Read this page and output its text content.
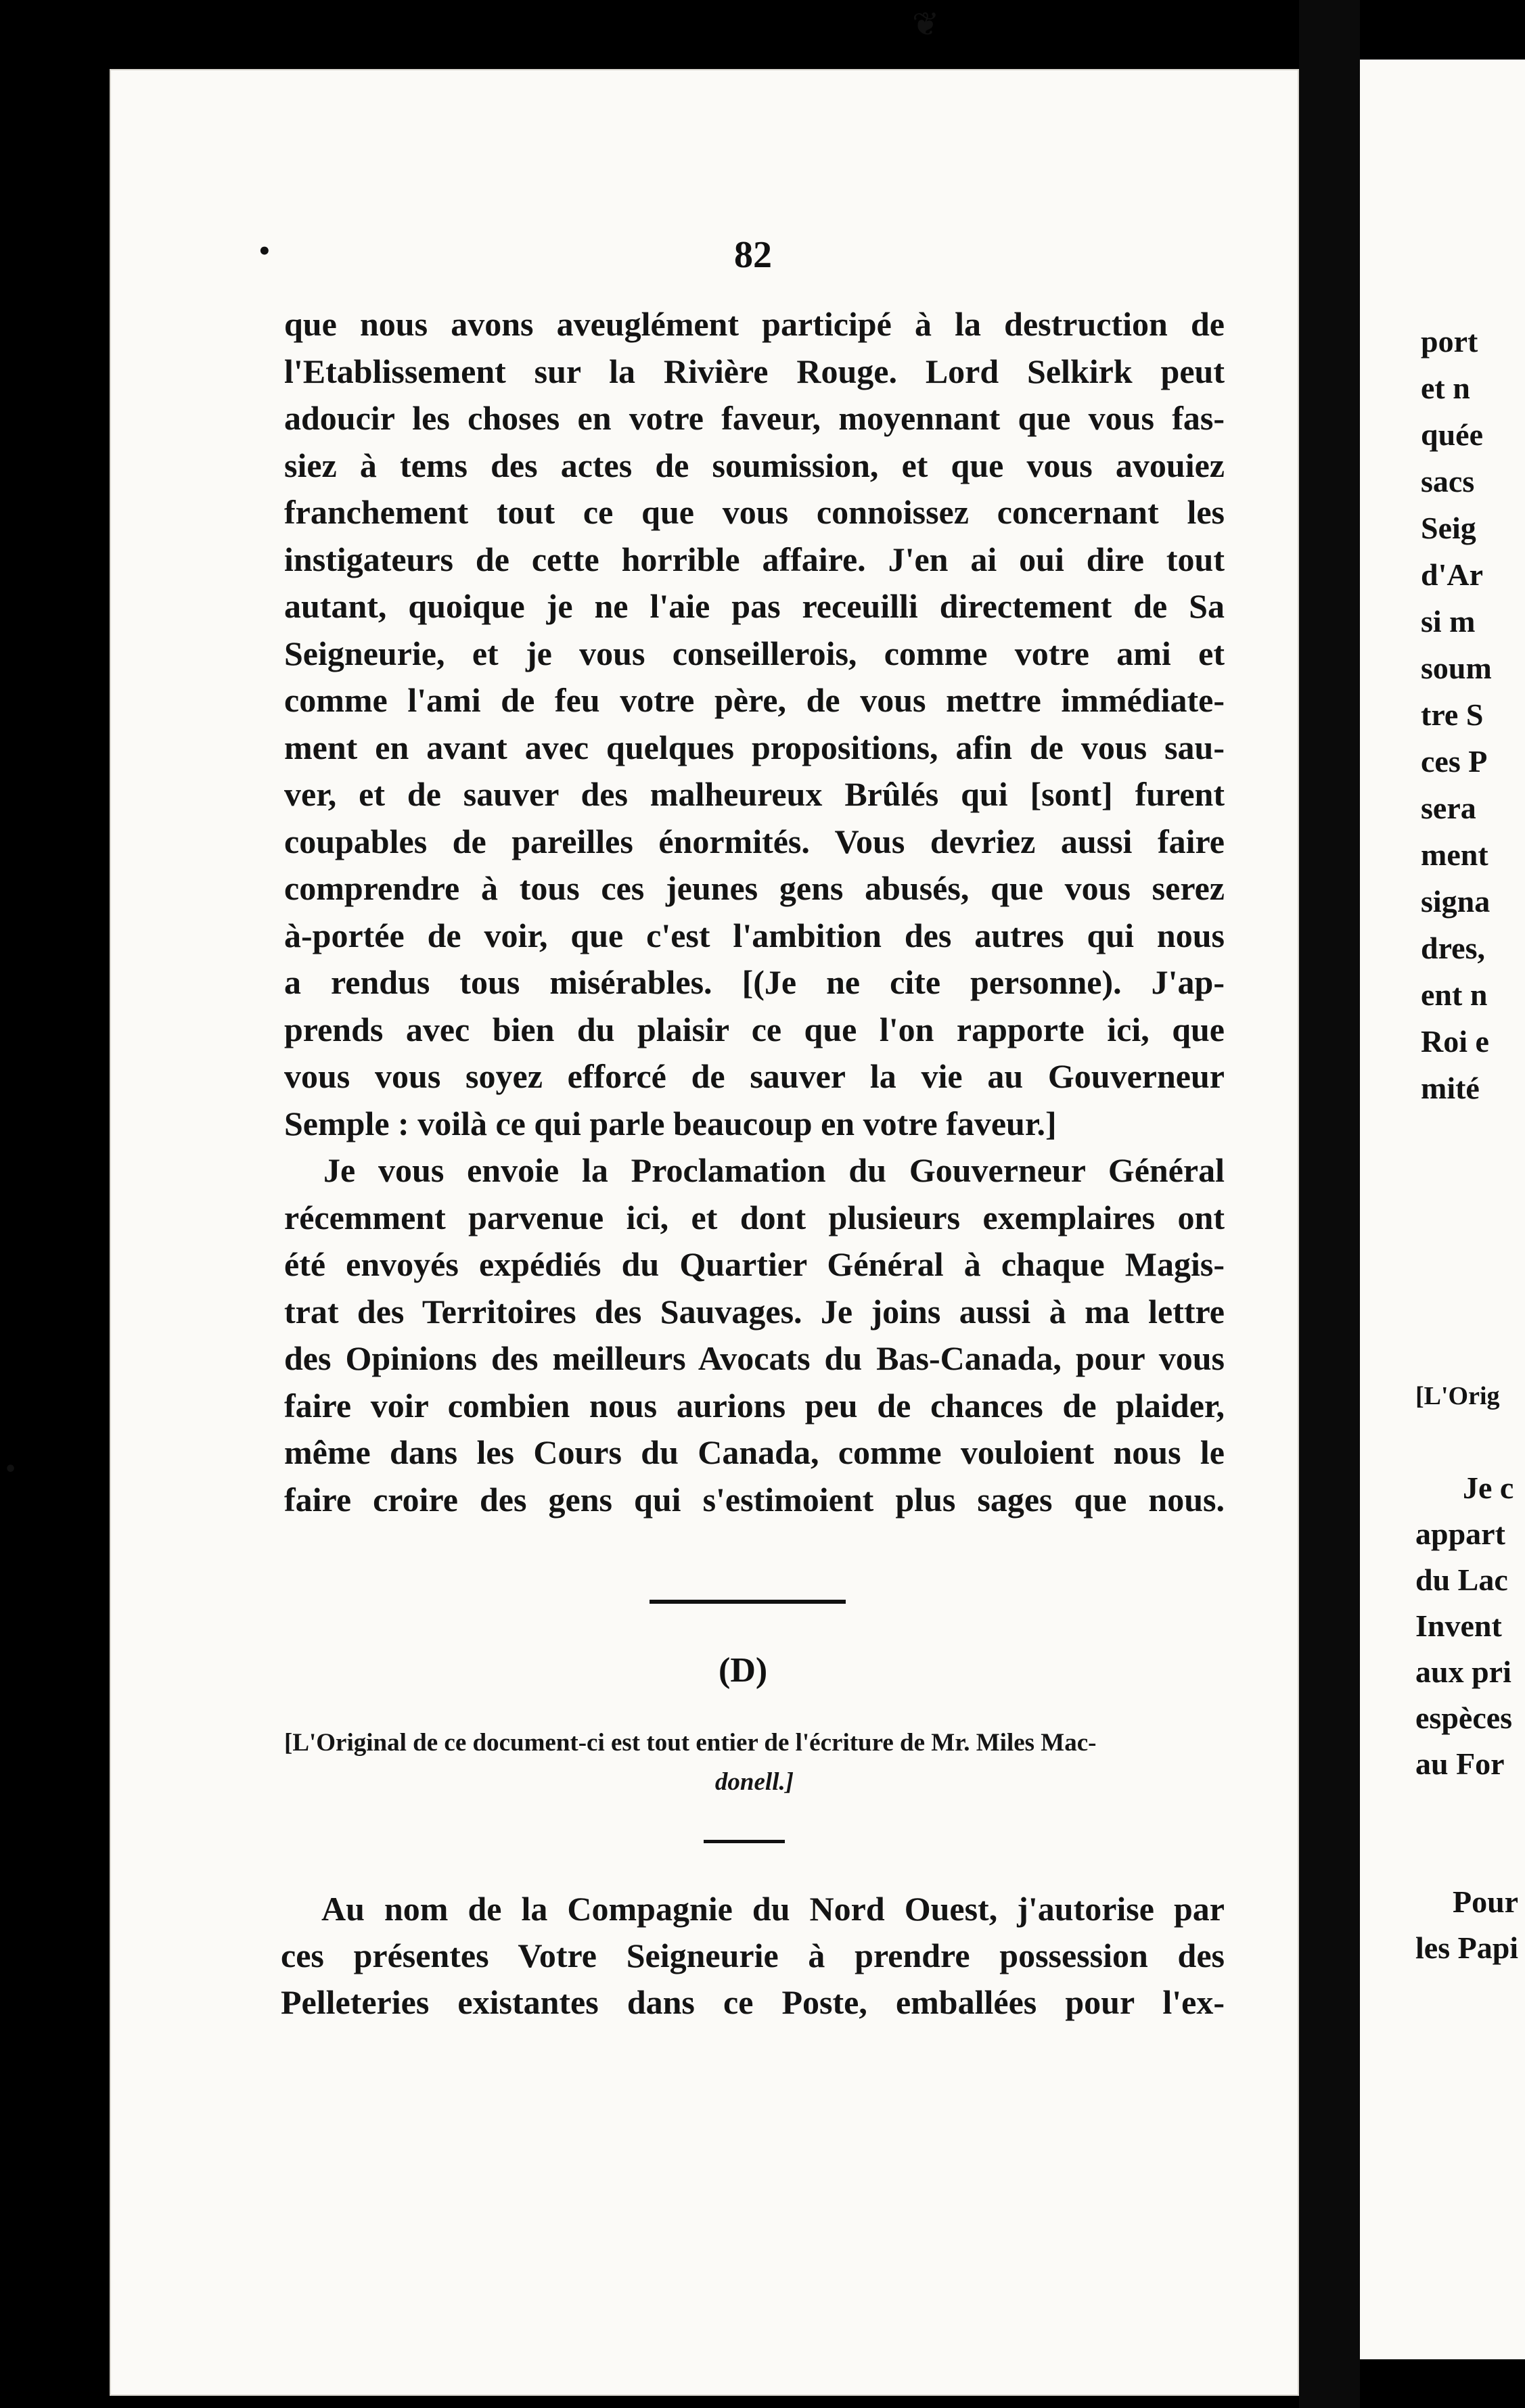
❦
•
•
82

que nous avons aveuglément participé à la destruction de

l'Etablissement sur la Rivière Rouge. Lord Selkirk peut

adoucir les choses en votre faveur, moyennant que vous fas-

siez à tems des actes de soumission, et que vous avouiez

franchement tout ce que vous connoissez concernant les

instigateurs de cette horrible affaire. J'en ai oui dire tout

autant, quoique je ne l'aie pas receuilli directement de Sa

Seigneurie, et je vous conseillerois, comme votre ami et

comme l'ami de feu votre père, de vous mettre immédiate-

ment en avant avec quelques propositions, afin de vous sau-

ver, et de sauver des malheureux Brûlés qui [sont] furent

coupables de pareilles énormités. Vous devriez aussi faire

comprendre à tous ces jeunes gens abusés, que vous serez

à-portée de voir, que c'est l'ambition des autres qui nous

a rendus tous misérables. [(Je ne cite personne). J'ap-

prends avec bien du plaisir ce que l'on rapporte ici, que

vous vous soyez efforcé de sauver la vie au Gouverneur

Semple : voilà ce qui parle beaucoup en votre faveur.]

Je vous envoie la Proclamation du Gouverneur Général

récemment parvenue ici, et dont plusieurs exemplaires ont

été envoyés expédiés du Quartier Général à chaque Magis-

trat des Territoires des Sauvages. Je joins aussi à ma lettre

des Opinions des meilleurs Avocats du Bas-Canada, pour vous

faire voir combien nous aurions peu de chances de plaider,

même dans les Cours du Canada, comme vouloient nous le

faire croire des gens qui s'estimoient plus sages que nous.

(D)

[L'Original de ce document-ci est tout entier de l'écriture de Mr. Miles Mac-

donell.]

Au nom de la Compagnie du Nord Ouest, j'autorise par

ces présentes Votre Seigneurie à prendre possession des

Pelleteries existantes dans ce Poste, emballées pour l'ex-

port

et n

quée

sacs

Seig

d'Ar

si m

soum

tre S

ces P

sera

ment

signa

dres,

ent n

Roi e

mité

[L'Orig

Je c

appart

du Lac

Invent

aux pri

espèces

au For

Pour

les Papi
